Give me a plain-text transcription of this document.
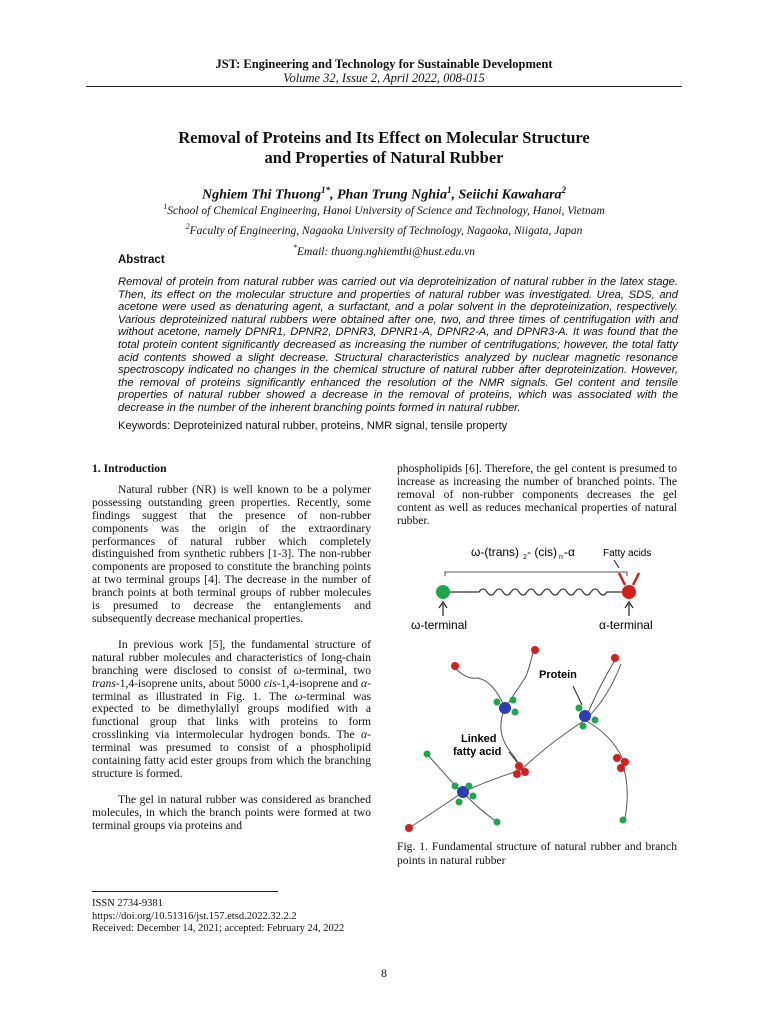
JST: Engineering and Technology for Sustainable Development
Volume 32, Issue 2, April 2022, 008-015
Removal of Proteins and Its Effect on Molecular Structure
and Properties of Natural Rubber
Nghiem Thi Thuong$^{1*}$, Phan Trung Nghia$^1$, Seiichi Kawahara$^2$
$^1$School of Chemical Engineering, Hanoi University of Science and Technology, Hanoi, Vietnam
$^2$Faculty of Engineering, Nagaoka University of Technology, Nagaoka, Niigata, Japan
*Email: thuong.nghiemthi@hust.edu.vn
Abstract
Removal of protein from natural rubber was carried out via deproteinization of natural rubber in the latex stage. Then, its effect on the molecular structure and properties of natural rubber was investigated. Urea, SDS, and acetone were used as denaturing agent, a surfactant, and a polar solvent in the deproteinization, respectively. Various deproteinized natural rubbers were obtained after one, two, and three times of centrifugation with and without acetone, namely DPNR1, DPNR2, DPNR3, DPNR1-A, DPNR2-A, and DPNR3-A. It was found that the total protein content significantly decreased as increasing the number of centrifugations; however, the total fatty acid contents showed a slight decrease. Structural characteristics analyzed by nuclear magnetic resonance spectroscopy indicated no changes in the chemical structure of natural rubber after deproteinization. However, the removal of proteins significantly enhanced the resolution of the NMR signals. Gel content and tensile properties of natural rubber showed a decrease in the removal of proteins, which was associated with the decrease in the number of the inherent branching points formed in natural rubber.
Keywords: Deproteinized natural rubber, proteins, NMR signal, tensile property
1. Introduction
Natural rubber (NR) is well known to be a polymer possessing outstanding green properties. Recently, some findings suggest that the presence of non-rubber components was the origin of the extraordinary performances of natural rubber which completely distinguished from synthetic rubbers [1-3]. The non-rubber components are proposed to constitute the branching points at two terminal groups [4]. The decrease in the number of branch points at both terminal groups of rubber molecules is presumed to decrease the entanglements and subsequently decrease mechanical properties.
In previous work [5], the fundamental structure of natural rubber molecules and characteristics of long-chain branching were disclosed to consist of ω-terminal, two trans-1,4-isoprene units, about 5000 cis-1,4-isoprene and α-terminal as illustrated in Fig. 1. The ω-terminal was expected to be dimethylallyl groups modified with a functional group that links with proteins to form crosslinking via intermolecular hydrogen bonds. The α-terminal was presumed to consist of a phospholipid containing fatty acid ester groups from which the branching structure is formed.
The gel in natural rubber was considered as branched molecules, in which the branch points were formed at two terminal groups via proteins and
phospholipids [6]. Therefore, the gel content is presumed to increase as increasing the number of branched points. The removal of non-rubber components decreases the gel content as well as reduces mechanical properties of natural rubber.
ω-(trans) 2 - (cis) n -α	Fatty acids
ω-terminal	α-terminal
Protein
Linked
fatty acid
Fig. 1. Fundamental structure of natural rubber and branch points in natural rubber
ISSN 2734-9381
https://doi.org/10.51316/jst.157.etsd.2022.32.2.2
Received: December 14, 2021; accepted: February 24, 2022
8
